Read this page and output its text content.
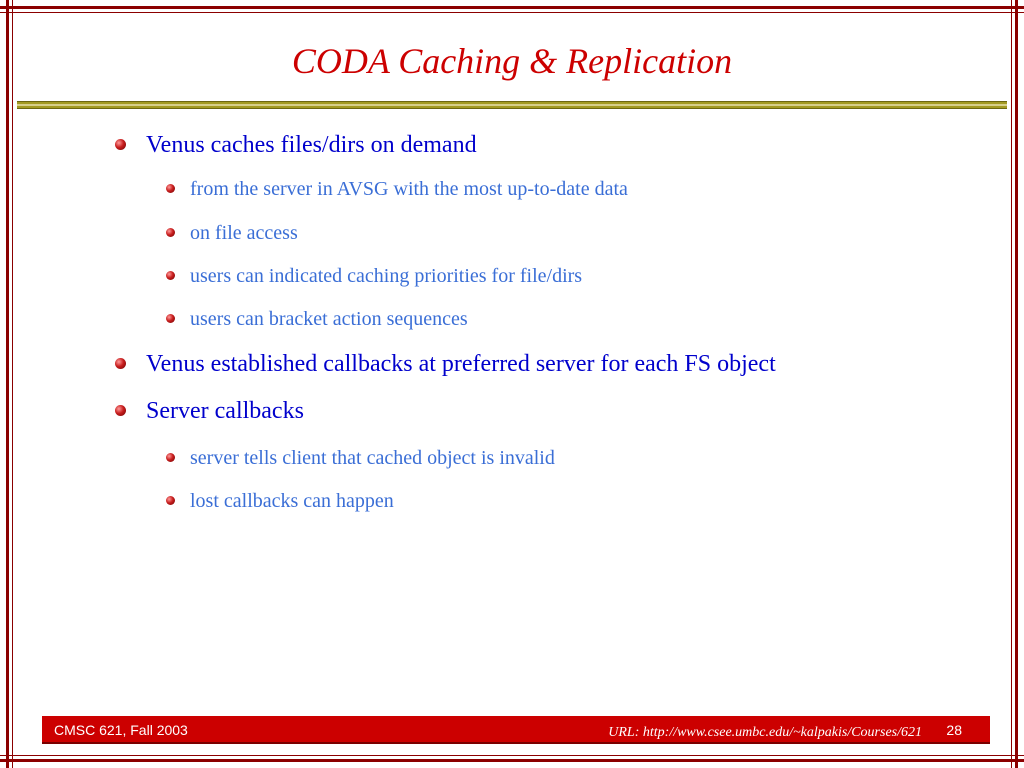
CODA Caching & Replication
Venus caches files/dirs on demand
from the server in AVSG with the most up-to-date data
on file access
users can indicated caching priorities for file/dirs
users can bracket action sequences
Venus established callbacks at preferred server for each FS object
Server callbacks
server tells client that cached object is invalid
lost callbacks can happen
CMSC 621, Fall 2003	URL: http://www.csee.umbc.edu/~kalpakis/Courses/621 28
